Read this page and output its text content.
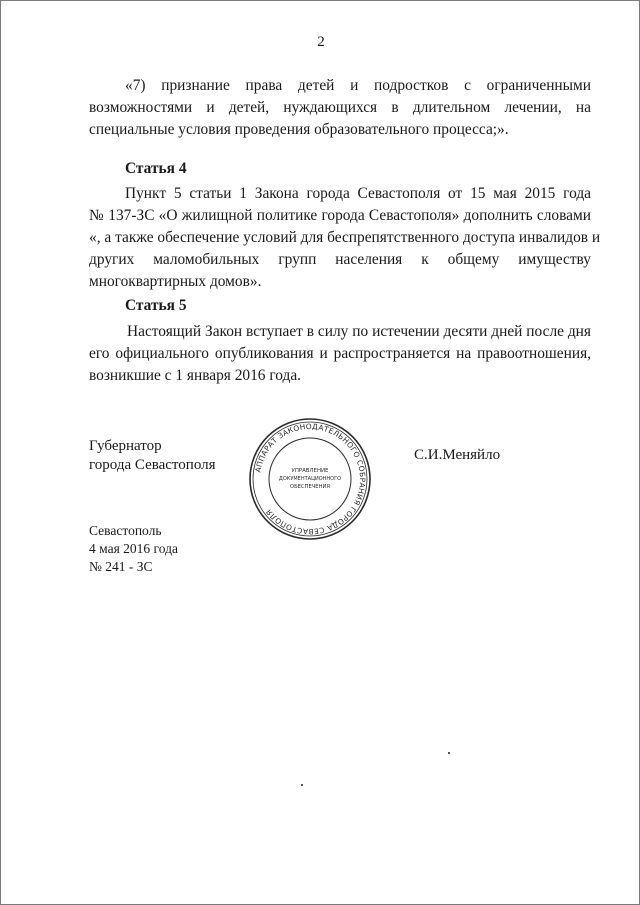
2
«7) признание права детей и подростков с ограниченными
возможностями и детей, нуждающихся в длительном лечении, на
специальные условия проведения образовательного процесса;».
Статья 4
Пункт 5 статьи 1 Закона города Севастополя от 15 мая 2015 года
№ 137-ЗС «О жилищной политике города Севастополя» дополнить словами
«, а также обеспечение условий для беспрепятственного доступа инвалидов и
других маломобильных групп населения к общему имуществу
многоквартирных домов».
Статья 5
Настоящий Закон вступает в силу по истечении десяти дней после дня
его официального опубликования и распространяется на правоотношения,
возникшие с 1 января 2016 года.
Губернатор
города Севастополя	АППАРАТ ЗАКОНОДАТЕЛЬНОГО СОБРАНИЯ ГОРОДА СЕВАСТОПОЛЯ
УПРАВЛЕНИЕ
ДОКУМЕНТАЦИОННОГО
ОБЕСПЕЧЕНИЯ
С.И.Меняйло
Севастополь
4 мая 2016 года
№ 241 - ЗС
